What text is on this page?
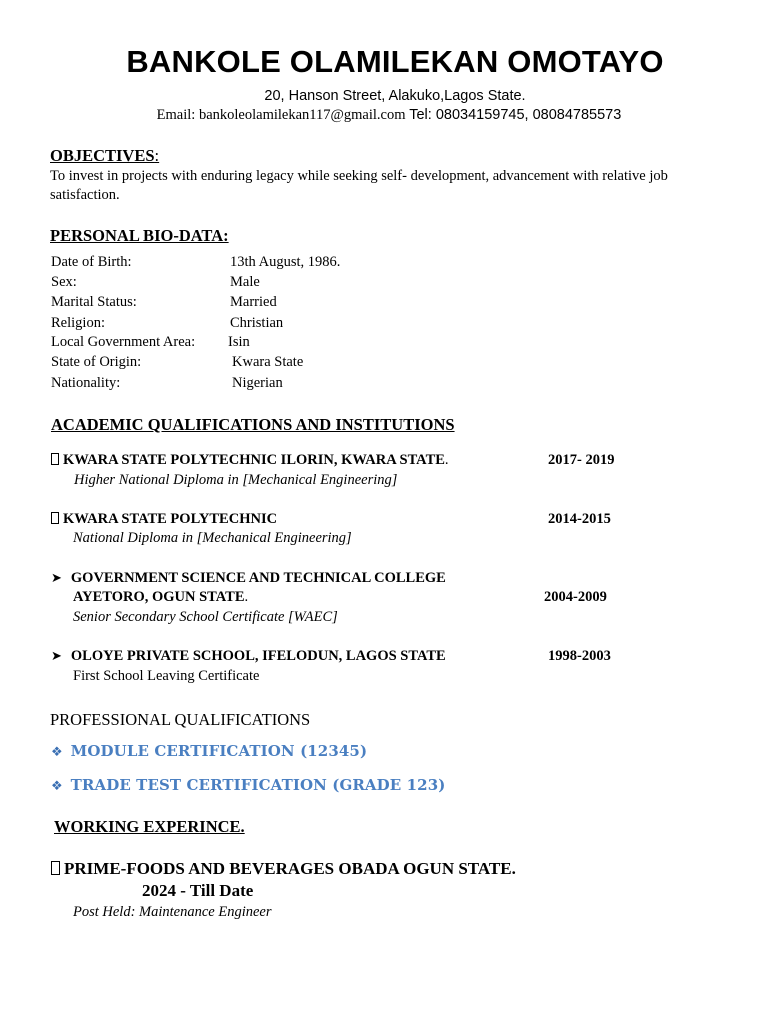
BANKOLE OLAMILEKAN OMOTAYO
20, Hanson Street, Alakuko,Lagos State.
Email: bankoleolamilekan117@gmail.com Tel: 08034159745, 08084785573
OBJECTIVES:
To invest in projects with enduring legacy while seeking self- development, advancement with relative job
satisfaction.
PERSONAL BIO-DATA:
Date of Birth:	13th August, 1986.
Sex:	Male
Marital Status:	Married
Religion:	Christian
Local Government Area: Isin
State of Origin:	Kwara State
Nationality:	Nigerian
ACADEMIC QUALIFICATIONS AND INSTITUTIONS
KWARA STATE POLYTECHNIC ILORIN, KWARA STATE.	2017- 2019
Higher National Diploma in [Mechanical Engineering]
KWARA STATE POLYTECHNIC	2014-2015
National Diploma in [Mechanical Engineering]
➤ GOVERNMENT SCIENCE AND TECHNICAL COLLEGE
AYETORO, OGUN STATE.	2004-2009
Senior Secondary School Certificate [WAEC]
➤ OLOYE PRIVATE SCHOOL, IFELODUN, LAGOS STATE	1998-2003
First School Leaving Certificate
PROFESSIONAL QUALIFICATIONS
❖ MODULE CERTIFICATION (12345)
❖ TRADE TEST CERTIFICATION (GRADE 123)
WORKING EXPERINCE.
PRIME-FOODS AND BEVERAGES OBADA OGUN STATE.
2024 - Till Date
Post Held: Maintenance Engineer
